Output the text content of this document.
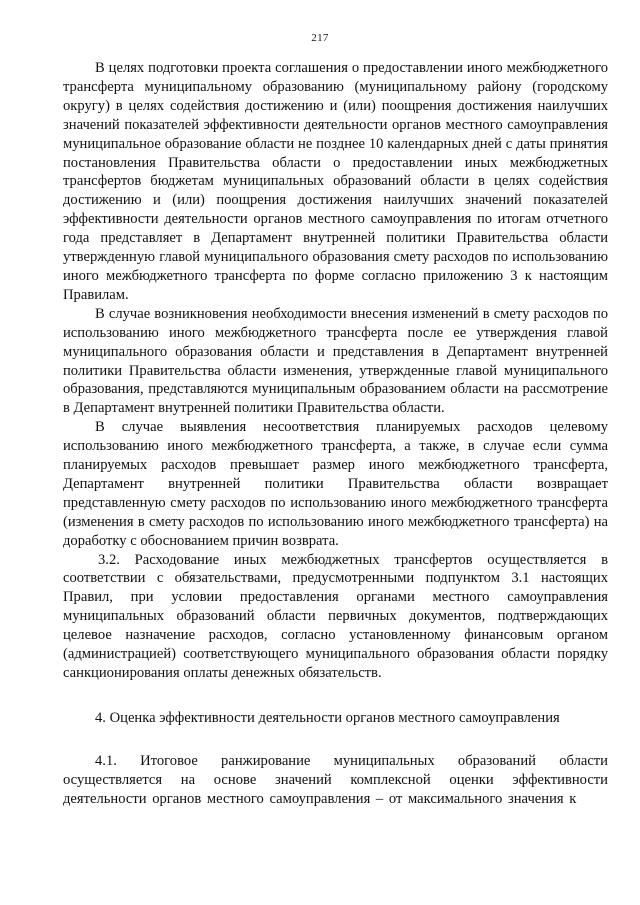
217

В целях подготовки проекта соглашения о предоставлении иного межбюджетного трансферта муниципальному образованию (муниципальному району (городскому округу) в целях содействия достижению и (или) поощрения достижения наилучших значений показателей эффективности деятельности органов местного самоуправления муниципальное образование области не позднее 10 календарных дней с даты принятия постановления Правительства области о предоставлении иных межбюджетных трансфертов бюджетам муниципальных образований области в целях содействия достижению и (или) поощрения достижения наилучших значений показателей эффективности деятельности органов местного самоуправления по итогам отчетного года представляет в Департамент внутренней политики Правительства области утвержденную главой муниципального образования смету расходов по использованию иного межбюджетного трансферта по форме согласно приложению 3 к настоящим Правилам.

В случае возникновения необходимости внесения изменений в смету расходов по использованию иного межбюджетного трансферта после ее утверждения главой муниципального образования области и представления в Департамент внутренней политики Правительства области изменения, утвержденные главой муниципального образования, представляются муниципальным образованием области на рассмотрение в Департамент внутренней политики Правительства области.

В случае выявления несоответствия планируемых расходов целевому использованию иного межбюджетного трансферта, а также, в случае если сумма планируемых расходов превышает размер иного межбюджетного трансферта, Департамент внутренней политики Правительства области возвращает представленную смету расходов по использованию иного межбюджетного трансферта (изменения в смету расходов по использованию иного межбюджетного трансферта) на доработку с обоснованием причин возврата.

3.2. Расходование иных межбюджетных трансфертов осуществляется в соответствии с обязательствами, предусмотренными подпунктом 3.1 настоящих Правил, при условии предоставления органами местного самоуправления муниципальных образований области первичных документов, подтверждающих целевое назначение расходов, согласно установленному финансовым органом (администрацией) соответствующего муниципального образования области порядку санкционирования оплаты денежных обязательств.

4. Оценка эффективности деятельности органов местного самоуправления

4.1. Итоговое ранжирование муниципальных образований области осуществляется на основе значений комплексной оценки эффективности деятельности органов местного самоуправления – от максимального значения к
